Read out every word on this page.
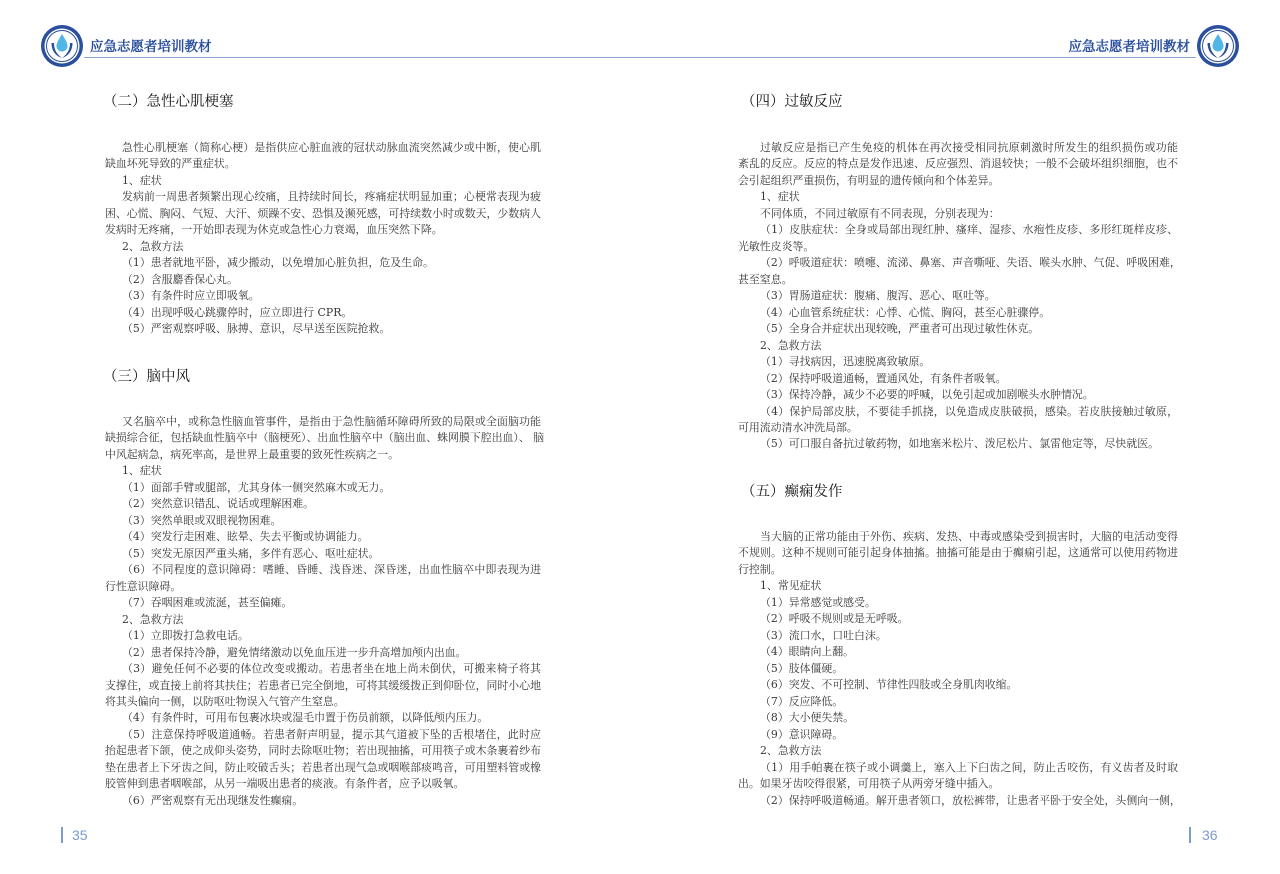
应急志愿者培训教材
（二）急性心肌梗塞
急性心肌梗塞（简称心梗）是指供应心脏血液的冠状动脉血流突然减少或中断，使心肌
缺血坏死导致的严重症状。
1、症状
发病前一周患者频繁出现心绞痛，且持续时间长，疼痛症状明显加重；心梗常表现为疲
困、心慌、胸闷、气短、大汗、烦躁不安、恐惧及濒死感，可持续数小时或数天，少数病人
发病时无疼痛，一开始即表现为休克或急性心力衰竭，血压突然下降。
2、急救方法
（1）患者就地平卧，减少搬动，以免增加心脏负担，危及生命。
（2）含服麝香保心丸。
（3）有条件时应立即吸氧。
（4）出现呼吸心跳骤停时，应立即进行 CPR。
（5）严密观察呼吸、脉搏、意识，尽早送至医院抢救。
（三）脑中风
又名脑卒中，或称急性脑血管事件，是指由于急性脑循环障碍所致的局限或全面脑功能
缺损综合征，包括缺血性脑卒中（脑梗死）、出血性脑卒中（脑出血、蛛网膜下腔出血）、 脑
中风起病急，病死率高，是世界上最重要的致死性疾病之一。
1、症状
（1）面部手臂或腿部，尤其身体一侧突然麻木或无力。
（2）突然意识错乱、说话或理解困难。
（3）突然单眼或双眼视物困难。
（4）突发行走困难、眩晕、失去平衡或协调能力。
（5）突发无原因严重头痛，多伴有恶心、呕吐症状。
（6）不同程度的意识障碍：嗜睡、昏睡、浅昏迷、深昏迷，出血性脑卒中即表现为进
行性意识障碍。
（7）吞咽困难或流涎，甚至偏瘫。
2、急救方法
（1）立即拨打急救电话。
（2）患者保持冷静，避免情绪激动以免血压进一步升高增加颅内出血。
（3）避免任何不必要的体位改变或搬动。若患者坐在地上尚未倒伏，可搬来椅子将其
支撑住，或直接上前将其扶住；若患者已完全倒地，可将其缓缓拨正到仰卧位，同时小心地
将其头偏向一侧，以防呕吐物误入气管产生窒息。
（4）有条件时，可用布包裹冰块或湿毛巾置于伤员前额，以降低颅内压力。
（5）注意保持呼吸道通畅。若患者鼾声明显，提示其气道被下坠的舌根堵住，此时应
抬起患者下颌，使之成仰头姿势，同时去除呕吐物；若出现抽搐，可用筷子或木条裹着纱布
垫在患者上下牙齿之间，防止咬破舌头；若患者出现气急或咽喉部痰鸣音，可用塑料管或橡
胶管伸到患者咽喉部，从另一端吸出患者的痰液。有条件者，应予以吸氧。
（6）严密观察有无出现继发性癫痫。
35
应急志愿者培训教材
（四）过敏反应
过敏反应是指已产生免疫的机体在再次接受相同抗原刺激时所发生的组织损伤或功能
紊乱的反应。反应的特点是发作迅速、反应强烈、消退较快；一般不会破坏组织细胞，也不
会引起组织严重损伤，有明显的遗传倾向和个体差异。
1、症状
不同体质，不同过敏原有不同表现，分别表现为：
（1）皮肤症状：全身或局部出现红肿、瘙痒、湿疹、水疱性皮疹、多形红斑样皮疹、
光敏性皮炎等。
（2）呼吸道症状：喷嚏、流涕、鼻塞、声音嘶哑、失语、喉头水肿、气促、呼吸困难，
甚至窒息。
（3）胃肠道症状：腹痛、腹泻、恶心、呕吐等。
（4）心血管系统症状：心悸、心慌、胸闷，甚至心脏骤停。
（5）全身合并症状出现较晚，严重者可出现过敏性休克。
2、急救方法
（1）寻找病因，迅速脱离致敏原。
（2）保持呼吸道通畅，置通风处，有条件者吸氧。
（3）保持冷静，减少不必要的呼喊，以免引起或加剧喉头水肿情况。
（4）保护局部皮肤，不要徒手抓挠，以免造成皮肤破损，感染。若皮肤接触过敏原，
可用流动清水冲洗局部。
（5）可口服自备抗过敏药物，如地塞米松片、泼尼松片、氯雷他定等，尽快就医。
（五）癫痫发作
当大脑的正常功能由于外伤、疾病、发热、中毒或感染受到损害时，大脑的电活动变得
不规则。这种不规则可能引起身体抽搐。抽搐可能是由于癫痫引起，这通常可以使用药物进
行控制。
1、常见症状
（1）异常感觉或感受。
（2）呼吸不规则或是无呼吸。
（3）流口水，口吐白沫。
（4）眼睛向上翻。
（5）肢体僵硬。
（6）突发、不可控制、节律性四肢或全身肌肉收缩。
（7）反应降低。
（8）大小便失禁。
（9）意识障碍。
2、急救方法
（1）用手帕裹在筷子或小调羹上，塞入上下臼齿之间，防止舌咬伤，有义齿者及时取
出。如果牙齿咬得很紧，可用筷子从两旁牙缝中插入。
（2）保持呼吸道畅通。解开患者领口，放松裤带，让患者平卧于安全处，头侧向一侧，
36
